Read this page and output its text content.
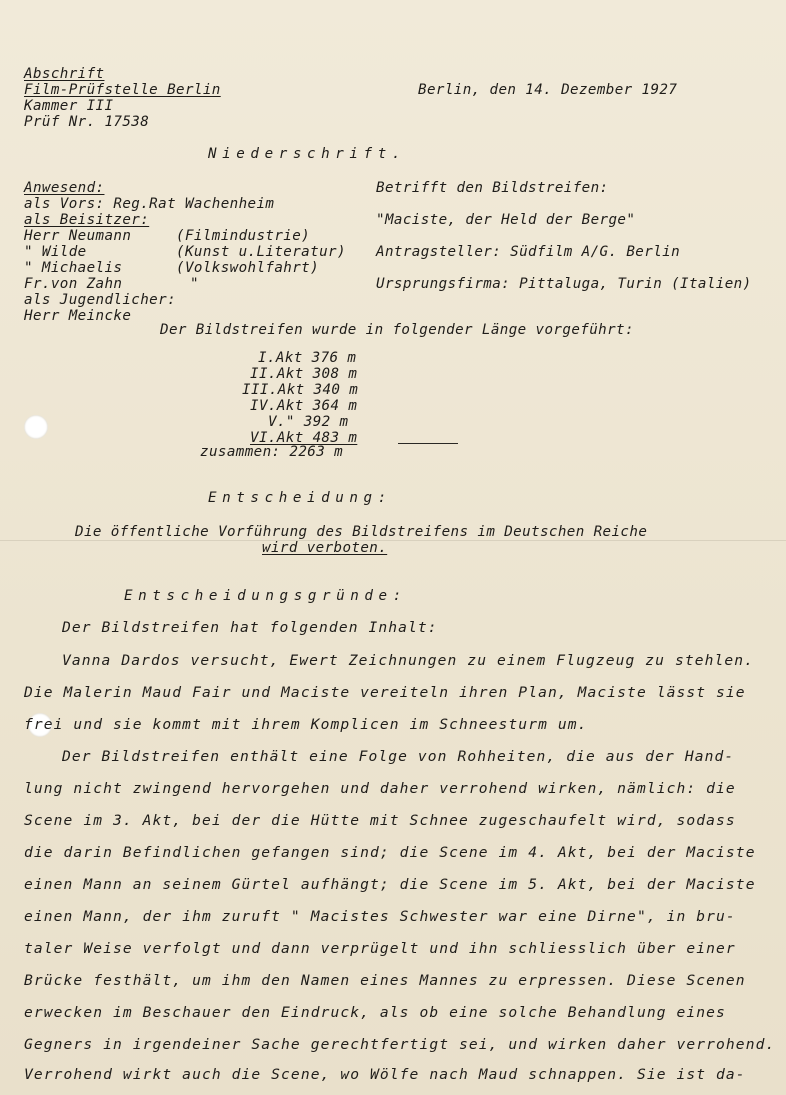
Abschrift
Film-Prüfstelle Berlin	Berlin, den 14. Dezember 1927
Kammer III
Prüf Nr. 17538
Niederschrift.
Anwesend:
als Vors: Reg.Rat Wachenheim
als Beisitzer:
Herr Neumann	(Filmindustrie)
" Wilde	(Kunst u.Literatur)
" Michaelis	(Volkswohlfahrt)
Fr.von Zahn	"
als Jugendlicher:
Herr Meincke
Betrifft den Bildstreifen:
"Maciste, der Held der Berge"
Antragsteller: Südfilm A/G. Berlin
Ursprungsfirma: Pittaluga, Turin (Italien)
Der Bildstreifen wurde in folgender Länge vorgeführt:
I.Akt 376 m
II.Akt 308 m
III.Akt 340 m
IV.Akt 364 m
V." 392 m
VI.Akt 483 m
zusammen: 2263 m
Entscheidung:
Die öffentliche Vorführung des Bildstreifens im Deutschen Reiche
wird verboten.
Entscheidungsgründe:
Der Bildstreifen hat folgenden Inhalt:
Vanna Dardos versucht, Ewert Zeichnungen zu einem Flugzeug zu stehlen.
Die Malerin Maud Fair und Maciste vereiteln ihren Plan, Maciste lässt sie
frei und sie kommt mit ihrem Komplicen im Schneesturm um.
Der Bildstreifen enthält eine Folge von Rohheiten, die aus der Hand-
lung nicht zwingend hervorgehen und daher verrohend wirken, nämlich: die
Scene im 3. Akt, bei der die Hütte mit Schnee zugeschaufelt wird, sodass
die darin Befindlichen gefangen sind; die Scene im 4. Akt, bei der Maciste
einen Mann an seinem Gürtel aufhängt; die Scene im 5. Akt, bei der Maciste
einen Mann, der ihm zuruft " Macistes Schwester war eine Dirne", in bru-
taler Weise verfolgt und dann verprügelt und ihn schliesslich über einer
Brücke festhält, um ihm den Namen eines Mannes zu erpressen. Diese Scenen
erwecken im Beschauer den Eindruck, als ob eine solche Behandlung eines
Gegners in irgendeiner Sache gerechtfertigt sei, und wirken daher verrohend.
Verrohend wirkt auch die Scene, wo Wölfe nach Maud schnappen. Sie ist da-
